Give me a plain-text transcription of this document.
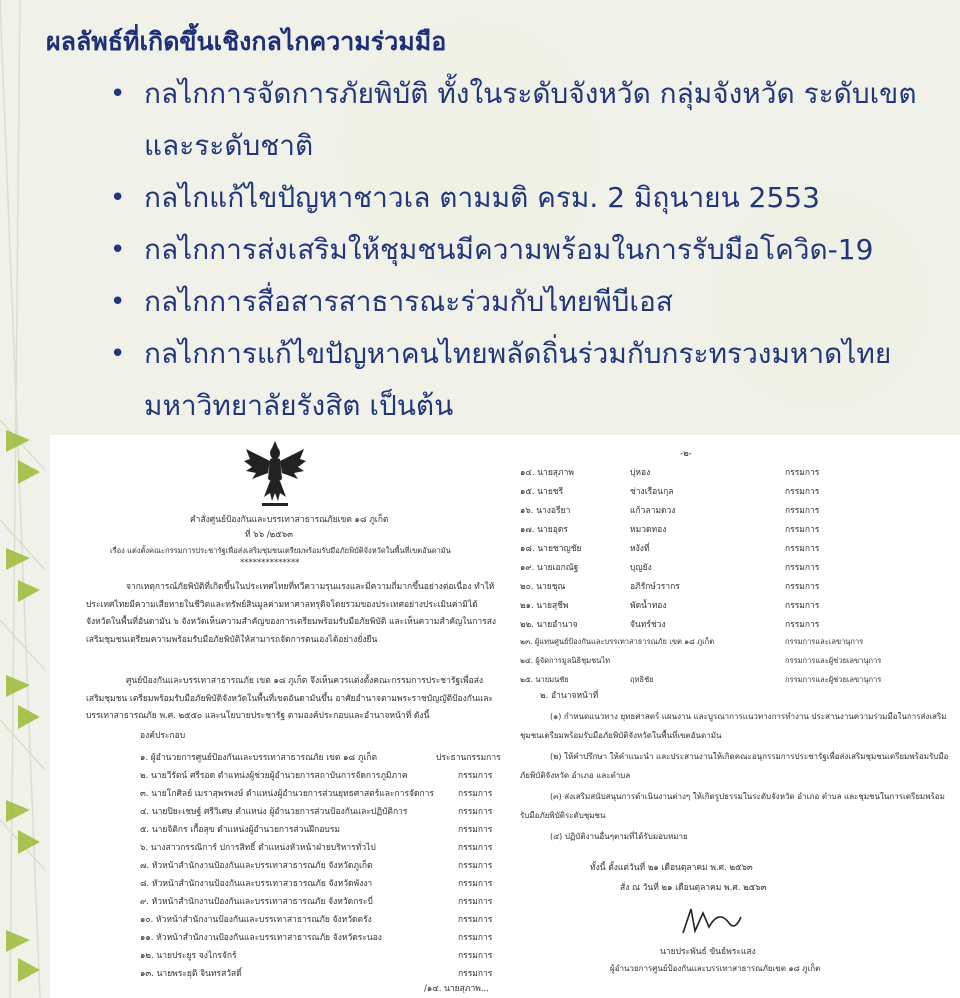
ผลลัพธ์ที่เกิดขึ้นเชิงกลไกความร่วมมือ
• กลไกการจัดการภัยพิบัติ ทั้งในระดับจังหวัด กลุ่มจังหวัด ระดับเขต และระดับชาติ
• กลไกแก้ไขปัญหาชาวเล ตามมติ ครม. 2 มิถุนายน 2553
• กลไกการส่งเสริมให้ชุมชนมีความพร้อมในการรับมือโควิด-19
• กลไกการสื่อสารสาธารณะร่วมกับไทยพีบีเอส
• กลไกการแก้ไขปัญหาคนไทยพลัดถิ่นร่วมกับกระทรวงมหาดไทย มหาวิทยาลัยรังสิต เป็นต้น
คำสั่งศูนย์ป้องกันและบรรเทาสาธารณภัยเขต ๑๘ ภูเก็ต
ที่ ๖๖ /๒๕๖๓
เรื่อง แต่งตั้งคณะกรรมการประชารัฐเพื่อส่งเสริมชุมชนเตรียมพร้อมรับมือภัยพิบัติจังหวัดในพื้นที่เขตอันดามัน
**************
จากเหตุการณ์ภัยพิบัติที่เกิดขึ้นในประเทศไทยที่ทวีความรุนแรงและมีความถี่มากขึ้นอย่างต่อเนื่อง ทำให้ประเทศไทยมีความเสียหายในชีวิตและทรัพย์สินมูลค่ามหาศาลทรุดิจโดยรวมของประเทศอย่างประเมินค่ามิได้ จังหวัดในพื้นที่อันดามัน ๖ จังหวัดเห็นความสำคัญของการเตรียมพร้อมรับมือภัยพิบัติ และเห็นความสำคัญในการส่งเสริมชุมชนเตรียมความพร้อมรับมือภัยพิบัติให้สามารถจัดการตนเองได้อย่างยั่งยืน
ศูนย์ป้องกันและบรรเทาสาธารณภัย เขต ๑๘ ภูเก็ต จึงเห็นควรแต่งตั้งคณะกรรมการประชารัฐเพื่อส่งเสริมชุมชน เตรียมพร้อมรับมือภัยพิบัติจังหวัดในพื้นที่เขตอันดามันขึ้น อาศัยอำนาจตามพระราชบัญญัติป้องกันและบรรเทาสาธารณภัย พ.ศ. ๒๕๕๐ และนโยบายประชารัฐ ตามองค์ประกอบและอำนาจหน้าที่ ดังนี้
องค์ประกอบ
๑. ผู้อำนวยการศูนย์ป้องกันและบรรเทาสาธารณภัย เขต ๑๘ ภูเก็ต	ประธานกรรมการ
๒. นายวีรัตน์ ศรีรอด ตำแหน่งผู้ช่วยผู้อำนวยการสถาบันการจัดการภูมิภาค	กรรมการ
๓. นายโกศิลย์ เมราสุพรพงษ์ ตำแหน่งผู้อำนวยการส่วนยุทธศาสตร์และการจัดการ	กรรมการ
๔. นายปิยะเชษฐ์ ศรีวิเศษ ตำแหน่ง ผู้อำนวยการส่วนป้องกันและปฏิบัติการ	กรรมการ
๕. นายจิติกร เกื้อสุข ตำแหน่งผู้อำนวยการส่วนฝึกอบรม	กรรมการ
๖. นางสาวกรรณิการ์ ปการสิทธิ์ ตำแหน่งหัวหน้าฝ่ายบริหารทั่วไป	กรรมการ
๗. หัวหน้าสำนักงานป้องกันและบรรเทาสาธารณภัย จังหวัดภูเก็ต	กรรมการ
๘. หัวหน้าสำนักงานป้องกันและบรรเทาสาธารณภัย จังหวัดพังงา	กรรมการ
๙. หัวหน้าสำนักงานป้องกันและบรรเทาสาธารณภัย จังหวัดกระบี่	กรรมการ
๑๐. หัวหน้าสำนักงานป้องกันและบรรเทาสาธารณภัย จังหวัดตรัง	กรรมการ
๑๑. หัวหน้าสำนักงานป้องกันและบรรเทาสาธารณภัย จังหวัดระนอง	กรรมการ
๑๒. นายประยูร จงไกรจักร์	กรรมการ
๑๓. นายพระยุติ จินทรสวัสดิ์	กรรมการ
/๑๔. นายสุภาพ...
-๒-
๑๔. นายสุภาพ	บุ่หอง	กรรมการ
๑๕. นายชรี	ช่างเรือนกุล	กรรมการ
๑๖. นางอรียา	แก้วลามดวง	กรรมการ
๑๗. นายอุดร	หมวดทอง	กรรมการ
๑๘. นายชาญชัย	หงังที่	กรรมการ
๑๙. นายเอกณัฐ	บุญยัง	กรรมการ
๒๐. นายชุณ	อภิรักษ์วรากร	กรรมการ
๒๑. นายสุชีพ	พัดน้ำทอง	กรรมการ
๒๒. นายอำนาจ	จันทร์ช่วง	กรรมการ
๒๓. ผู้แทนศูนย์ป้องกันและบรรเทาสาธารณภัย เขต ๑๘ ภูเก็ต	กรรมการและเลขานุการ
๒๔. ผู้จัดการมูลนิธิชุมชนไท	กรรมการและผู้ช่วยเลขานุการ
๒๕. นายมนชัย	ฤทธิชัย	กรรมการและผู้ช่วยเลขานุการ
๒. อำนาจหน้าที่
(๑) กำหนดแนวทาง ยุทธศาสตร์ แผนงาน และบูรณาการแนวทางการทำงาน ประสานงานความร่วมมือในการส่งเสริมชุมชนเตรียมพร้อมรับมือภัยพิบัติจังหวัดในพื้นที่เขตอันดามัน
(๒) ให้คำปรึกษา ให้คำแนะนำ และประสานงานให้เกิดคณะอนุกรรมการประชารัฐเพื่อส่งเสริมชุมชนเตรียมพร้อมรับมือภัยพิบัติจังหวัด อำเภอ และตำบล
(๓) ส่งเสริมสนับสนุนการดำเนินงานต่างๆ ให้เกิดรูปธรรมในระดับจังหวัด อำเภอ ตำบล และชุมชนในการเตรียมพร้อมรับมือภัยพิบัติระดับชุมชน
(๔) ปฏิบัติงานอื่นๆตามที่ได้รับมอบหมาย
ทั้งนี้ ตั้งแต่วันที่ ๒๑ เดือนตุลาคม พ.ศ. ๒๕๖๓
สั่ง ณ วันที่ ๒๑ เดือนตุลาคม พ.ศ. ๒๕๖๓
นายประพันธ์ ขันธ์พระแสง
ผู้อำนวยการศูนย์ป้องกันและบรรเทาสาธารณภัยเขต ๑๘ ภูเก็ต
